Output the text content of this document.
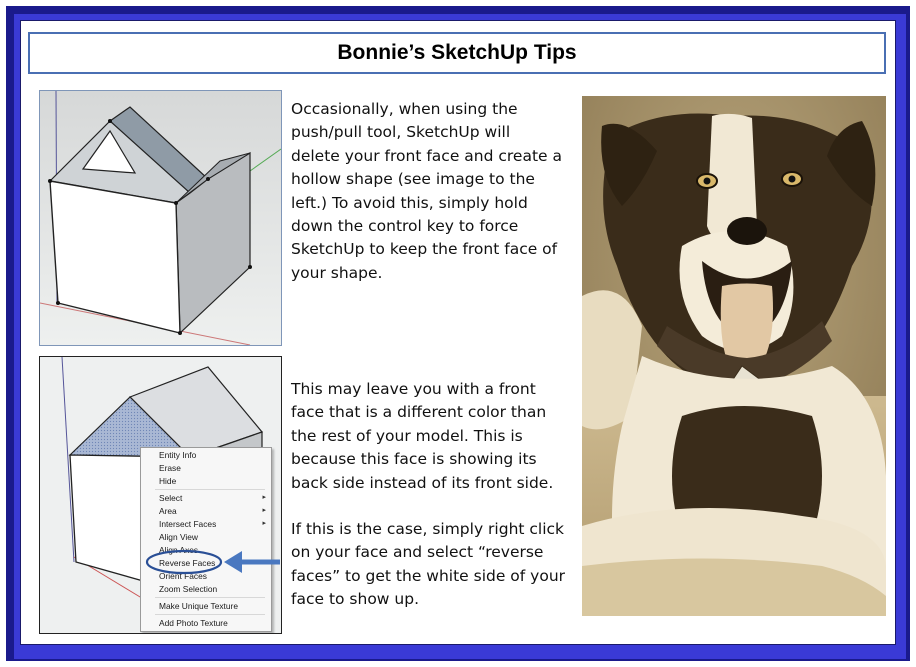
Bonnie’s SketchUp Tips
Entity Info
Erase
Hide
Select	▸
Area	▸
Intersect Faces	▸
Align View
Align Axes
Reverse Faces
Orient Faces
Zoom Selection
Make Unique Texture
Add Photo Texture

Occasionally, when using the push/pull tool, SketchUp will delete your front face and create a hollow shape (see image to the left.) To avoid this, simply hold down the control key to force SketchUp to keep the front face of your shape.

This may leave you with a front face that is a different color than the rest of your model. This is because this face is showing its back side instead of its front side.

If this is the case, simply right click on your face and select “reverse faces” to get the white side of your face to show up.
